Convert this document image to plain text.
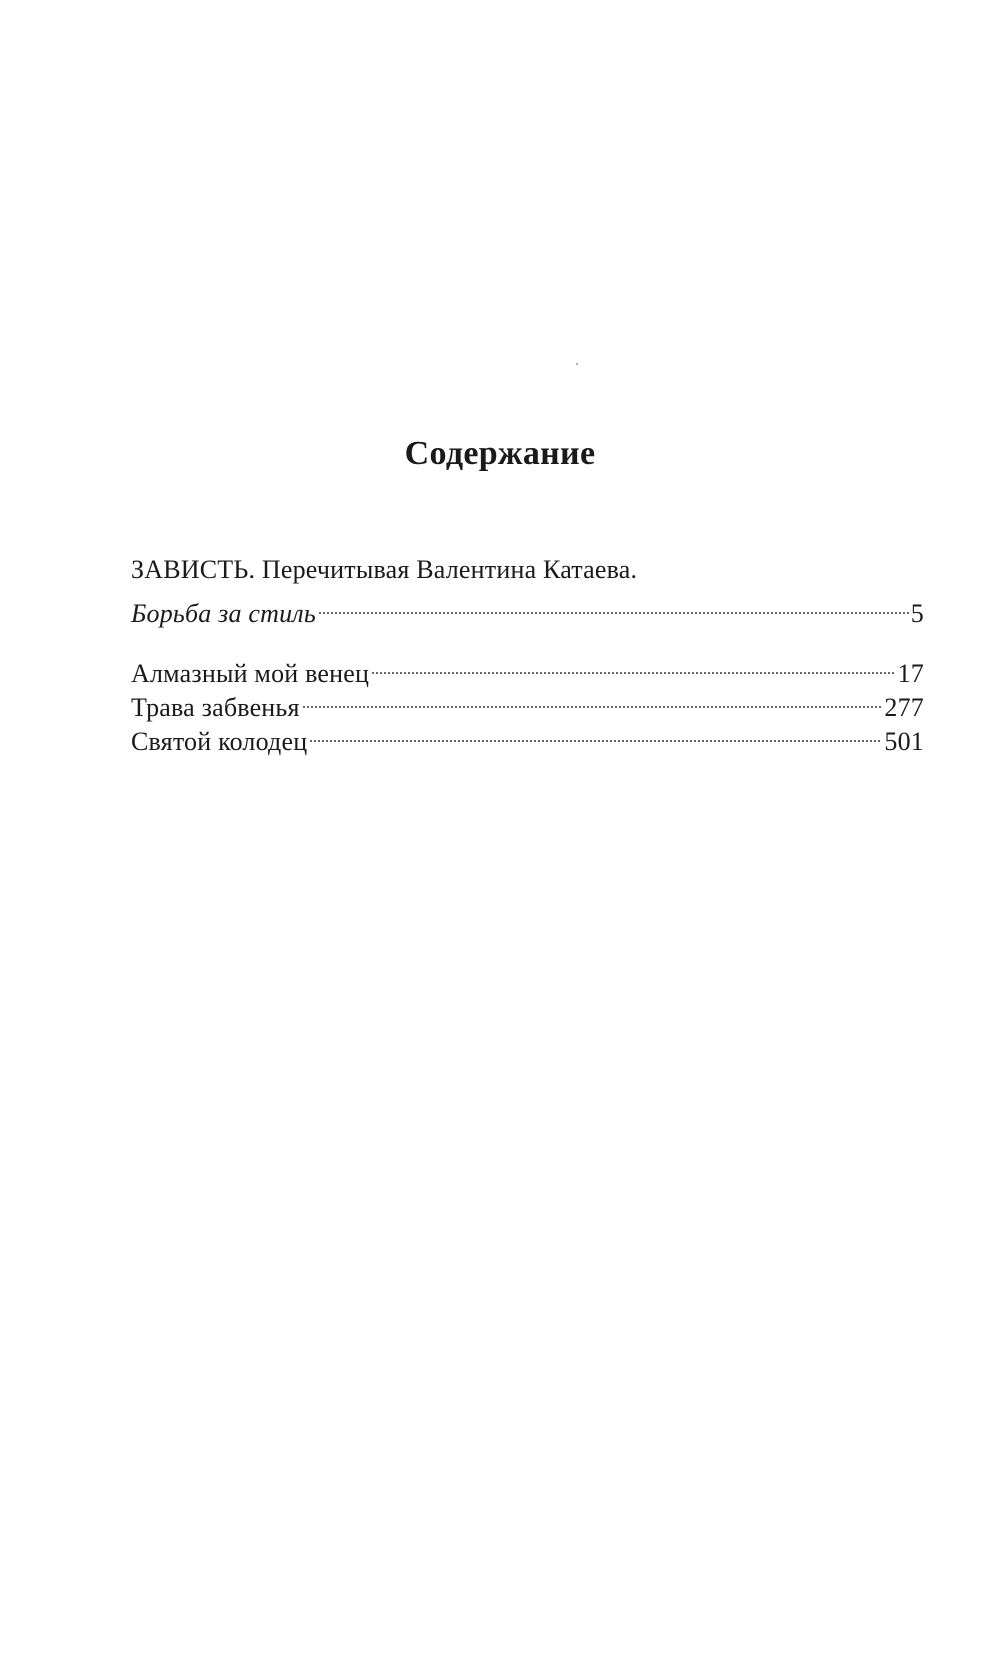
Содержание
ЗАВИСТЬ. Перечитывая Валентина Катаева.
Борьба за стиль	5
Алмазный мой венец	17
Трава забвенья	277
Святой колодец	501
